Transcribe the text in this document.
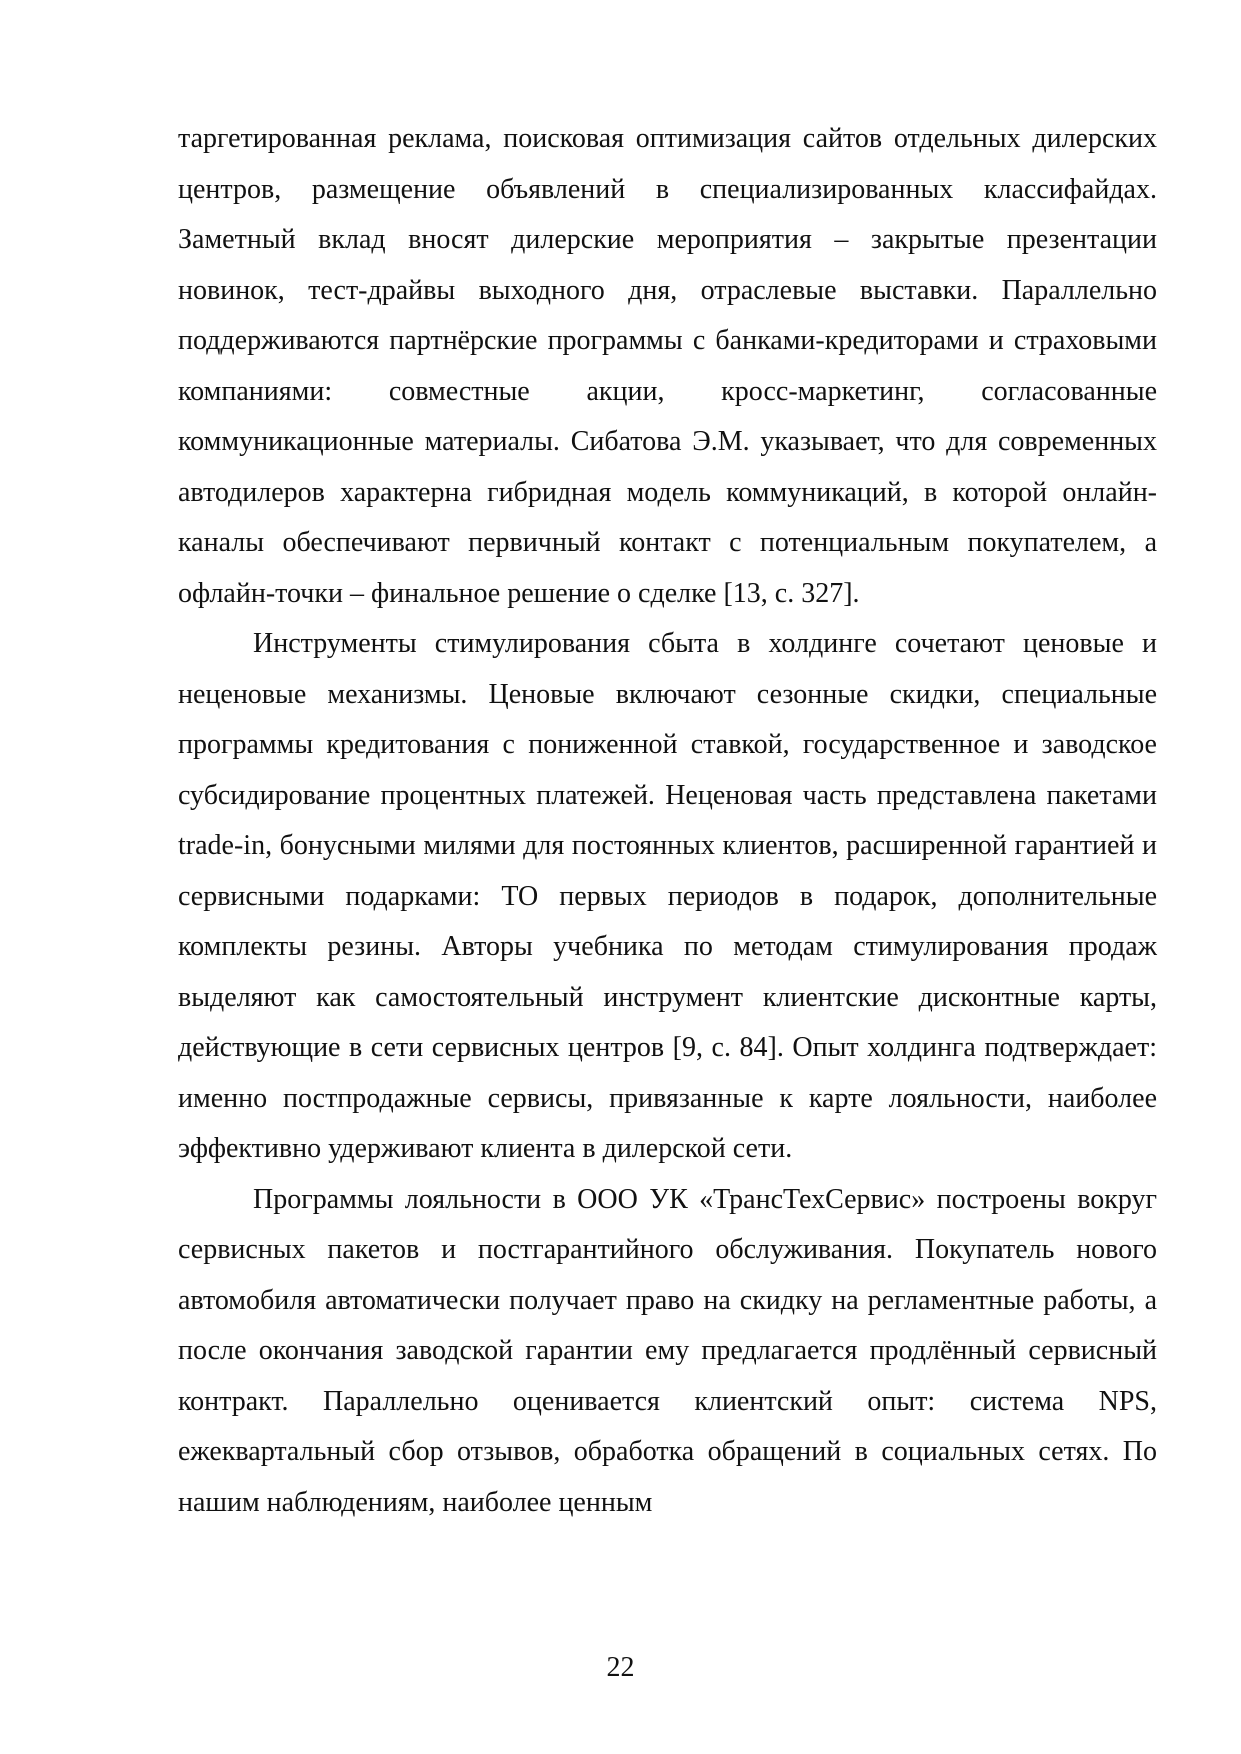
таргетированная реклама, поисковая оптимизация сайтов отдельных дилерских центров, размещение объявлений в специализированных классифайдах. Заметный вклад вносят дилерские мероприятия – закрытые презентации новинок, тест-драйвы выходного дня, отраслевые выставки. Параллельно поддерживаются партнёрские программы с банками-кредиторами и страховыми компаниями: совместные акции, кросс-маркетинг, согласованные коммуникационные материалы. Сибатова Э.М. указывает, что для современных автодилеров характерна гибридная модель коммуникаций, в которой онлайн-каналы обеспечивают первичный контакт с потенциальным покупателем, а офлайн-точки – финальное решение о сделке [13, с. 327].

Инструменты стимулирования сбыта в холдинге сочетают ценовые и неценовые механизмы. Ценовые включают сезонные скидки, специальные программы кредитования с пониженной ставкой, государственное и заводское субсидирование процентных платежей. Неценовая часть представлена пакетами trade-in, бонусными милями для постоянных клиентов, расширенной гарантией и сервисными подарками: ТО первых периодов в подарок, дополнительные комплекты резины. Авторы учебника по методам стимулирования продаж выделяют как самостоятельный инструмент клиентские дисконтные карты, действующие в сети сервисных центров [9, с. 84]. Опыт холдинга подтверждает: именно постпродажные сервисы, привязанные к карте лояльности, наиболее эффективно удерживают клиента в дилерской сети.

Программы лояльности в ООО УК «ТрансТехСервис» построены вокруг сервисных пакетов и постгарантийного обслуживания. Покупатель нового автомобиля автоматически получает право на скидку на регламентные работы, а после окончания заводской гарантии ему предлагается продлённый сервисный контракт. Параллельно оценивается клиентский опыт: система NPS, ежеквартальный сбор отзывов, обработка обращений в социальных сетях. По нашим наблюдениям, наиболее ценным

22
